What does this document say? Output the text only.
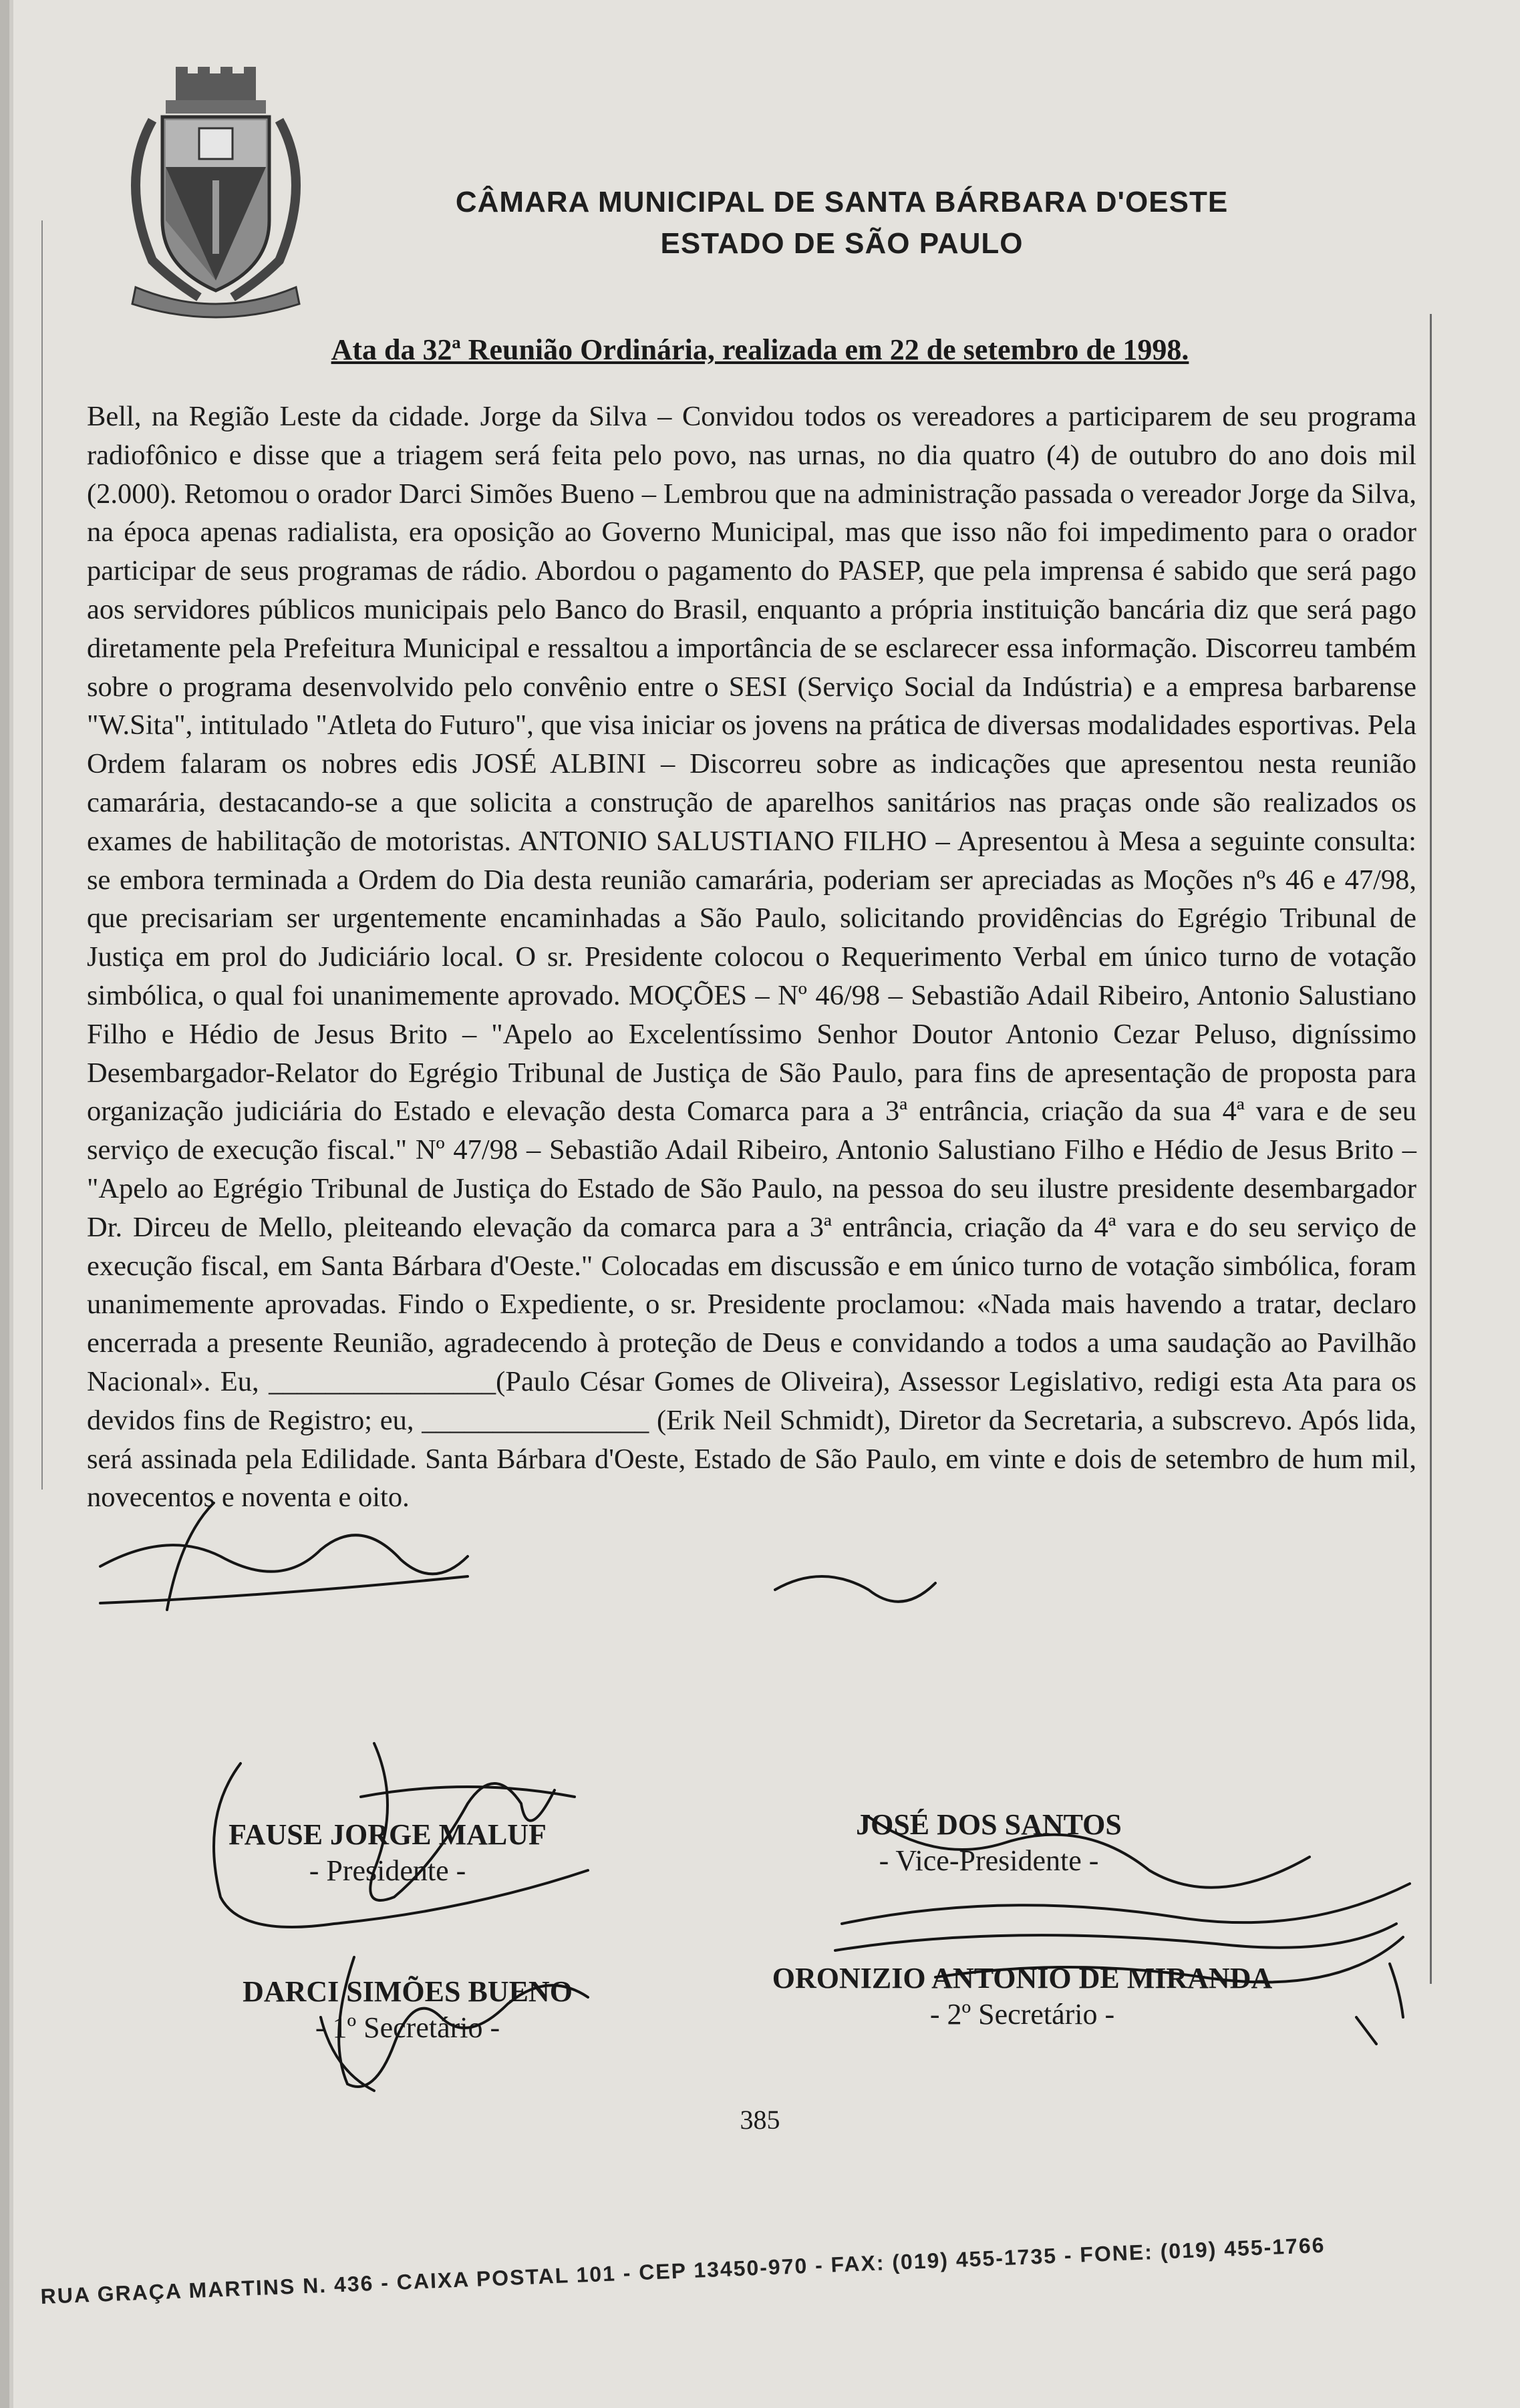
CÂMARA MUNICIPAL DE SANTA BÁRBARA D'OESTE
ESTADO DE SÃO PAULO
Ata da 32ª Reunião Ordinária, realizada em 22 de setembro de 1998.
Bell, na Região Leste da cidade. Jorge da Silva – Convidou todos os vereadores a participarem de seu programa radiofônico e disse que a triagem será feita pelo povo, nas urnas, no dia quatro (4) de outubro do ano dois mil (2.000). Retomou o orador Darci Simões Bueno – Lembrou que na administração passada o vereador Jorge da Silva, na época apenas radialista, era oposição ao Governo Municipal, mas que isso não foi impedimento para o orador participar de seus programas de rádio. Abordou o pagamento do PASEP, que pela imprensa é sabido que será pago aos servidores públicos municipais pelo Banco do Brasil, enquanto a própria instituição bancária diz que será pago diretamente pela Prefeitura Municipal e ressaltou a importância de se esclarecer essa informação. Discorreu também sobre o programa desenvolvido pelo convênio entre o SESI (Serviço Social da Indústria) e a empresa barbarense "W.Sita", intitulado "Atleta do Futuro", que visa iniciar os jovens na prática de diversas modalidades esportivas. Pela Ordem falaram os nobres edis JOSÉ ALBINI – Discorreu sobre as indicações que apresentou nesta reunião camarária, destacando-se a que solicita a construção de aparelhos sanitários nas praças onde são realizados os exames de habilitação de motoristas. ANTONIO SALUSTIANO FILHO – Apresentou à Mesa a seguinte consulta: se embora terminada a Ordem do Dia desta reunião camarária, poderiam ser apreciadas as Moções nºs 46 e 47/98, que precisariam ser urgentemente encaminhadas a São Paulo, solicitando providências do Egrégio Tribunal de Justiça em prol do Judiciário local. O sr. Presidente colocou o Requerimento Verbal em único turno de votação simbólica, o qual foi unanimemente aprovado. MOÇÕES – Nº 46/98 – Sebastião Adail Ribeiro, Antonio Salustiano Filho e Hédio de Jesus Brito – "Apelo ao Excelentíssimo Senhor Doutor Antonio Cezar Peluso, digníssimo Desembargador-Relator do Egrégio Tribunal de Justiça de São Paulo, para fins de apresentação de proposta para organização judiciária do Estado e elevação desta Comarca para a 3ª entrância, criação da sua 4ª vara e de seu serviço de execução fiscal." Nº 47/98 – Sebastião Adail Ribeiro, Antonio Salustiano Filho e Hédio de Jesus Brito – "Apelo ao Egrégio Tribunal de Justiça do Estado de São Paulo, na pessoa do seu ilustre presidente desembargador Dr. Dirceu de Mello, pleiteando elevação da comarca para a 3ª entrância, criação da 4ª vara e do seu serviço de execução fiscal, em Santa Bárbara d'Oeste." Colocadas em discussão e em único turno de votação simbólica, foram unanimemente aprovadas. Findo o Expediente, o sr. Presidente proclamou: «Nada mais havendo a tratar, declaro encerrada a presente Reunião, agradecendo à proteção de Deus e convidando a todos a uma saudação ao Pavilhão Nacional». Eu, ________________(Paulo César Gomes de Oliveira), Assessor Legislativo, redigi esta Ata para os devidos fins de Registro; eu, ________________ (Erik Neil Schmidt), Diretor da Secretaria, a subscrevo. Após lida, será assinada pela Edilidade. Santa Bárbara d'Oeste, Estado de São Paulo, em vinte e dois de setembro de hum mil, novecentos e noventa e oito.
FAUSE JORGE MALUF
- Presidente -
JOSÉ DOS SANTOS
- Vice-Presidente -
DARCI SIMÕES BUENO
- 1º Secretário -
ORONIZIO ANTONIO DE MIRANDA
- 2º Secretário -
385
RUA GRAÇA MARTINS N. 436 - CAIXA POSTAL 101 - CEP 13450-970 - FAX: (019) 455-1735 - FONE: (019) 455-1766
